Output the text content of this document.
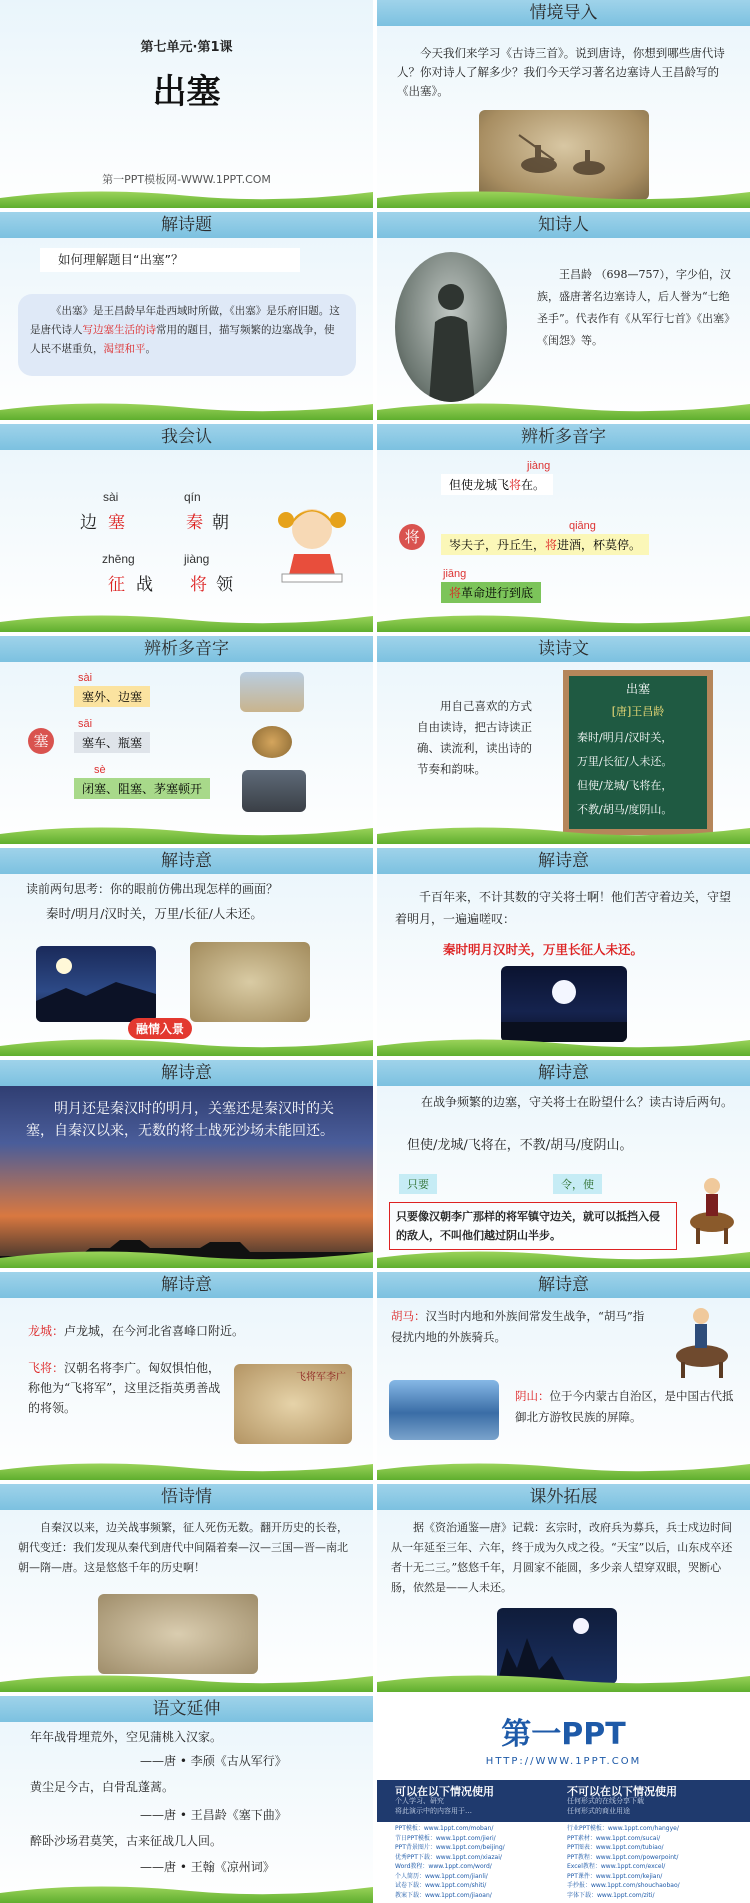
第七单元·第1课
出塞
第一PPT模板网-WWW.1PPT.COM
情境导入
今天我们来学习《古诗三首》。说到唐诗，你想到哪些唐代诗人？你对诗人了解多少？我们今天学习著名边塞诗人王昌龄写的《出塞》。
解诗题
如何理解题目“出塞”？
《出塞》是王昌龄早年赴西域时所做，《出塞》是乐府旧题。这是唐代诗人写边塞生活的诗常用的题目，描写频繁的边塞战争，使人民不堪重负，渴望和平。
知诗人
王昌龄 （698—757），字少伯，汉族，盛唐著名边塞诗人，后人誉为“七绝圣手”。代表作有《从军行七首》《出塞》《闺怨》等。
我会认
sài
边 塞
qín
秦 朝
zhēng
征 战
jiàng
将 领
辨析多音字
将
jiàng
但使龙城飞将在。
qiāng
岑夫子，丹丘生，将进酒，杯莫停。
jiāng
将革命进行到底
辨析多音字
塞
sài
塞外、边塞
sāi
塞车、瓶塞
sè
闭塞、阻塞、茅塞顿开
读诗文
用自己喜欢的方式自由读诗，把古诗读正确、读流利，读出诗的节奏和韵味。
出塞
[唐]王昌龄
秦时/明月/汉时关，
万里/长征/人未还。
但使/龙城/飞将在，
不教/胡马/度阴山。
解诗意
读前两句思考：你的眼前仿佛出现怎样的画面？
秦时/明月/汉时关，万里/长征/人未还。
融情入景
解诗意
千百年来，不计其数的守关将士啊！他们苦守着边关，守望着明月，一遍遍嗟叹：
秦时明月汉时关，万里长征人未还。
解诗意
明月还是秦汉时的明月，关塞还是秦汉时的关塞，自秦汉以来，无数的将士战死沙场未能回还。
解诗意
在战争频繁的边塞，守关将士在盼望什么？读古诗后两句。
但使/龙城/飞将在，不教/胡马/度阴山。
只要	令，使
只要像汉朝李广那样的将军镇守边关，就可以抵挡入侵的敌人，不叫他们越过阴山半步。
解诗意
龙城：卢龙城，在今河北省喜峰口附近。
飞将：汉朝名将李广。匈奴惧怕他，称他为“飞将军”，这里泛指英勇善战的将领。
飞将军李广
解诗意
胡马：汉当时内地和外族间常发生战争，“胡马”指侵扰内地的外族骑兵。
阴山：位于今内蒙古自治区，是中国古代抵御北方游牧民族的屏障。
悟诗情
自秦汉以来，边关战事频繁，征人死伤无数。翻开历史的长卷，朝代变迁：我们发现从秦代到唐代中间隔着秦—汉—三国—晋—南北朝—隋—唐。这是悠悠千年的历史啊！
课外拓展
据《资治通鉴—唐》记载：玄宗时，改府兵为募兵，兵士戍边时间从一年延至三年、六年，终于成为久戍之役。“天宝”以后，山东戍卒还者十无二三。”悠悠千年，月圆家不能圆，多少亲人望穿双眼，哭断心肠，依然是——人未还。
语文延伸
年年战骨埋荒外，空见蒲桃入汉家。
——唐 • 李颀《古从军行》
黄尘足今古，白骨乱蓬蒿。
——唐 • 王昌龄《塞下曲》
醉卧沙场君莫笑，古来征战几人回。
——唐 • 王翰《凉州词》
第一PPT
HTTP://WWW.1PPT.COM
可以在以下情况使用
个人学习、研究
将此演示中的内容用于…
不可以在以下情况使用
任何形式的在线分享下载
任何形式的商业用途
PPT模板：www.1ppt.com/moban/
节日PPT模板：www.1ppt.com/jieri/
PPT背景图片：www.1ppt.com/beijing/
优秀PPT下载：www.1ppt.com/xiazai/
Word教程：www.1ppt.com/word/
个人简历：www.1ppt.com/jianli/
试卷下载：www.1ppt.com/shiti/
教案下载：www.1ppt.com/jiaoan/
行业PPT模板：www.1ppt.com/hangye/
PPT素材：www.1ppt.com/sucai/
PPT图表：www.1ppt.com/tubiao/
PPT教程：www.1ppt.com/powerpoint/
Excel教程：www.1ppt.com/excel/
PPT课件：www.1ppt.com/kejian/
手抄报：www.1ppt.com/shouchaobao/
字体下载：www.1ppt.com/ziti/
